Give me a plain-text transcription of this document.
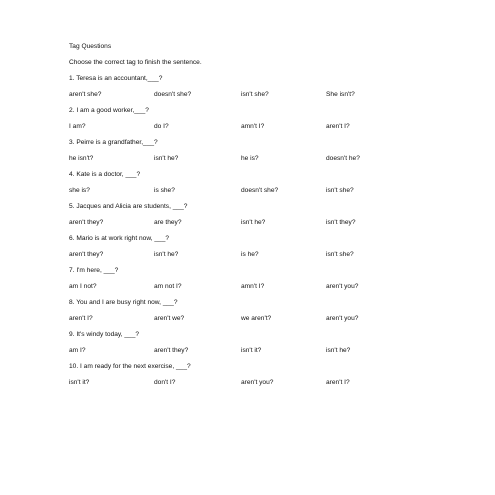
Tag Questions
Choose the correct tag to finish the sentence.
1. Teresa is an accountant,___?
aren't she?	doesn't she?	isn't she?	She isn't?
2. I am a good worker,___?
I am?	do I?	amn't I?	aren't I?
3. Peirre is a grandfather,___?
he isn't?	isn't he?	he is?	doesn't he?
4. Kate is a doctor, ___?
she is?	is she?	doesn't she?	isn't she?
5. Jacques and Alicia are students, ___?
aren't they?	are they?	isn't he?	isn't they?
6. Mario is at work right now, ___?
aren't they?	isn't he?	is he?	isn't she?
7. I'm here, ___?
am I not?	am not I?	amn't I?	aren't you?
8. You and I are busy right now, ___?
aren't I?	aren't we?	we aren't?	aren't you?
9. It's windy today, ___?
am I?	aren't they?	isn't it?	isn't he?
10. I am ready for the next exercise, ___?
isn't it?	don't I?	aren't you?	aren't I?
